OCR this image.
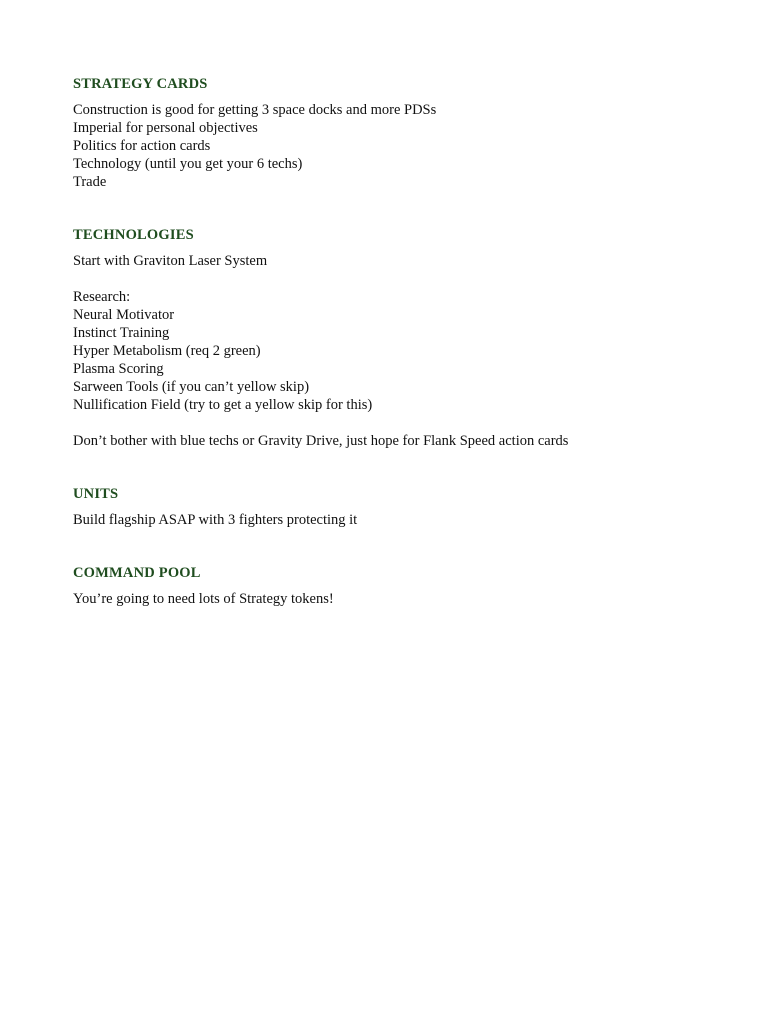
STRATEGY CARDS
Construction is good for getting 3 space docks and more PDSs
Imperial for personal objectives
Politics for action cards
Technology (until you get your 6 techs)
Trade
TECHNOLOGIES
Start with Graviton Laser System
Research:
Neural Motivator
Instinct Training
Hyper Metabolism (req 2 green)
Plasma Scoring
Sarween Tools (if you can’t yellow skip)
Nullification Field (try to get a yellow skip for this)
Don’t bother with blue techs or Gravity Drive, just hope for Flank Speed action cards
UNITS
Build flagship ASAP with 3 fighters protecting it
COMMAND POOL
You’re going to need lots of Strategy tokens!
